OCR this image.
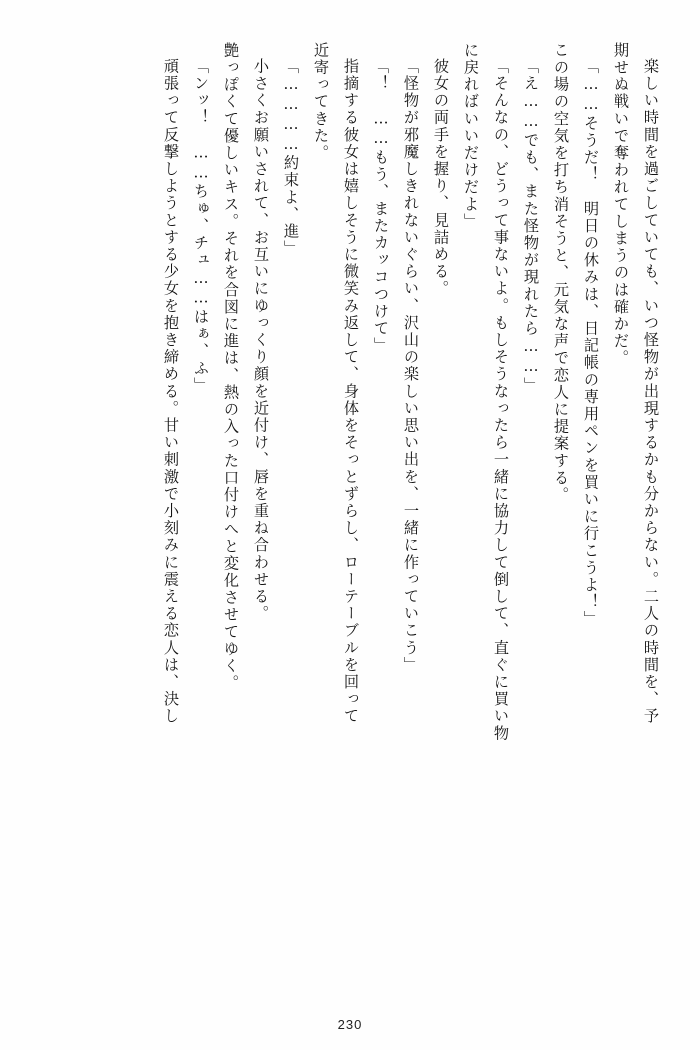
楽しい時間を過ごしていても、いつ怪物が出現するかも分からない。二人の時間を、予
期せぬ戦いで奪われてしまうのは確かだ。
「……そうだ！　明日の休みは、日記帳の専用ペンを買いに行こうよ！」
この場の空気を打ち消そうと、元気な声で恋人に提案する。
「え……でも、また怪物が現れたら……」
「そんなの、どうって事ないよ。もしそうなったら一緒に協力して倒して、直ぐに買い物
に戻ればいいだけだよ」
彼女の両手を握り、見詰める。
「怪物が邪魔しきれないぐらい、沢山の楽しい思い出を、一緒に作っていこう」
「！　……もう、またカッコつけて」
指摘する彼女は嬉しそうに微笑み返して、身体をそっとずらし、ローテーブルを回って
近寄ってきた。
「…………約束よ、進」
小さくお願いされて、お互いにゆっくり顔を近付け、唇を重ね合わせる。
艶っぽくて優しいキス。それを合図に進は、熱の入った口付けへと変化させてゆく。
「ンッ！　……ちゅ、チュ……はぁ、ふ」
頑張って反撃しようとする少女を抱き締める。甘い刺激で小刻みに震える恋人は、決し
230
